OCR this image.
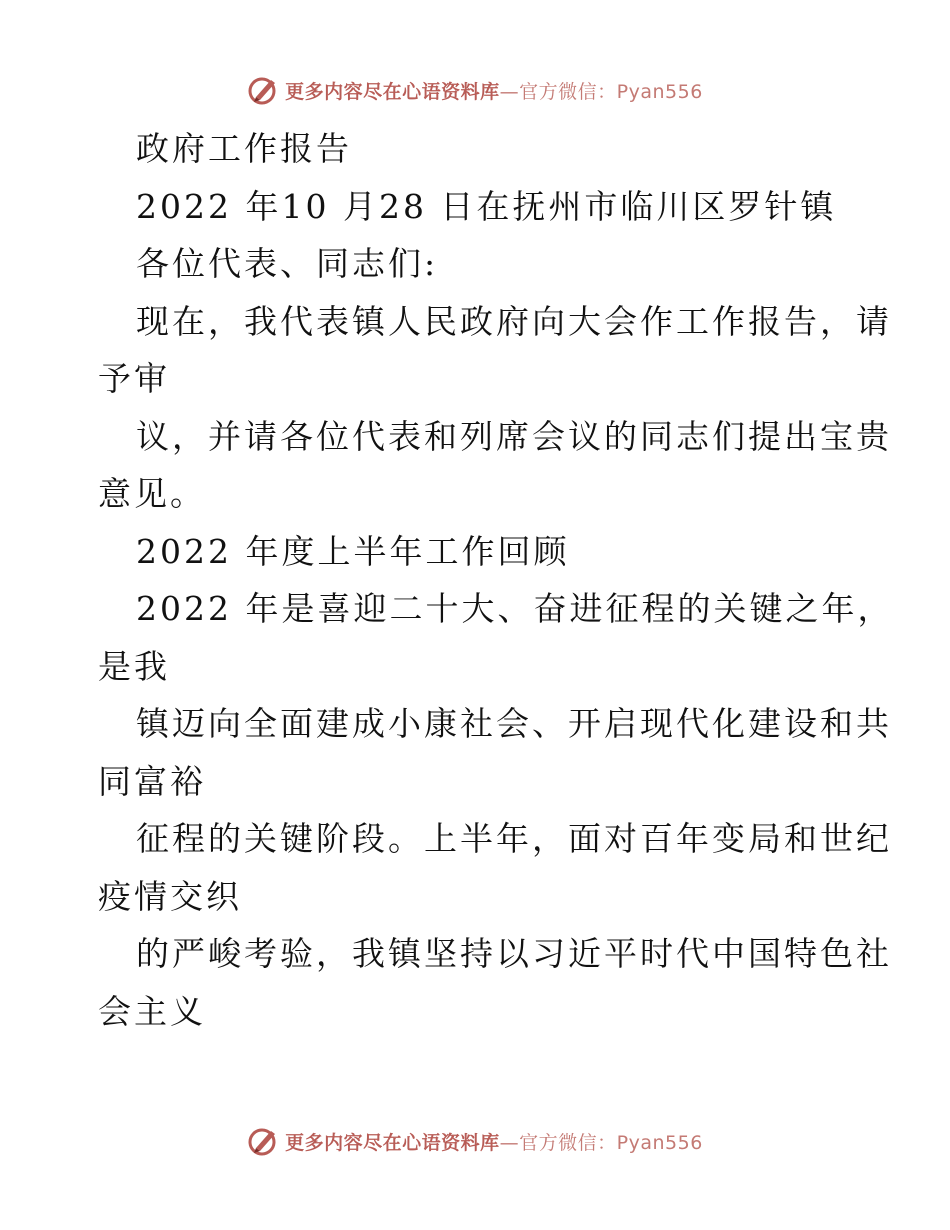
更多内容尽在心语资料库—官方微信：Pyan556
政府工作报告
2022 年10 月28 日在抚州市临川区罗针镇
各位代表、同志们:
现在，我代表镇人民政府向大会作工作报告，请
予审
议，并请各位代表和列席会议的同志们提出宝贵
意见。
2022 年度上半年工作回顾
2022 年是喜迎二十大、奋进征程的关键之年，
是我
镇迈向全面建成小康社会、开启现代化建设和共
同富裕
征程的关键阶段。上半年，面对百年变局和世纪
疫情交织
的严峻考验，我镇坚持以习近平时代中国特色社
会主义
更多内容尽在心语资料库—官方微信：Pyan556
